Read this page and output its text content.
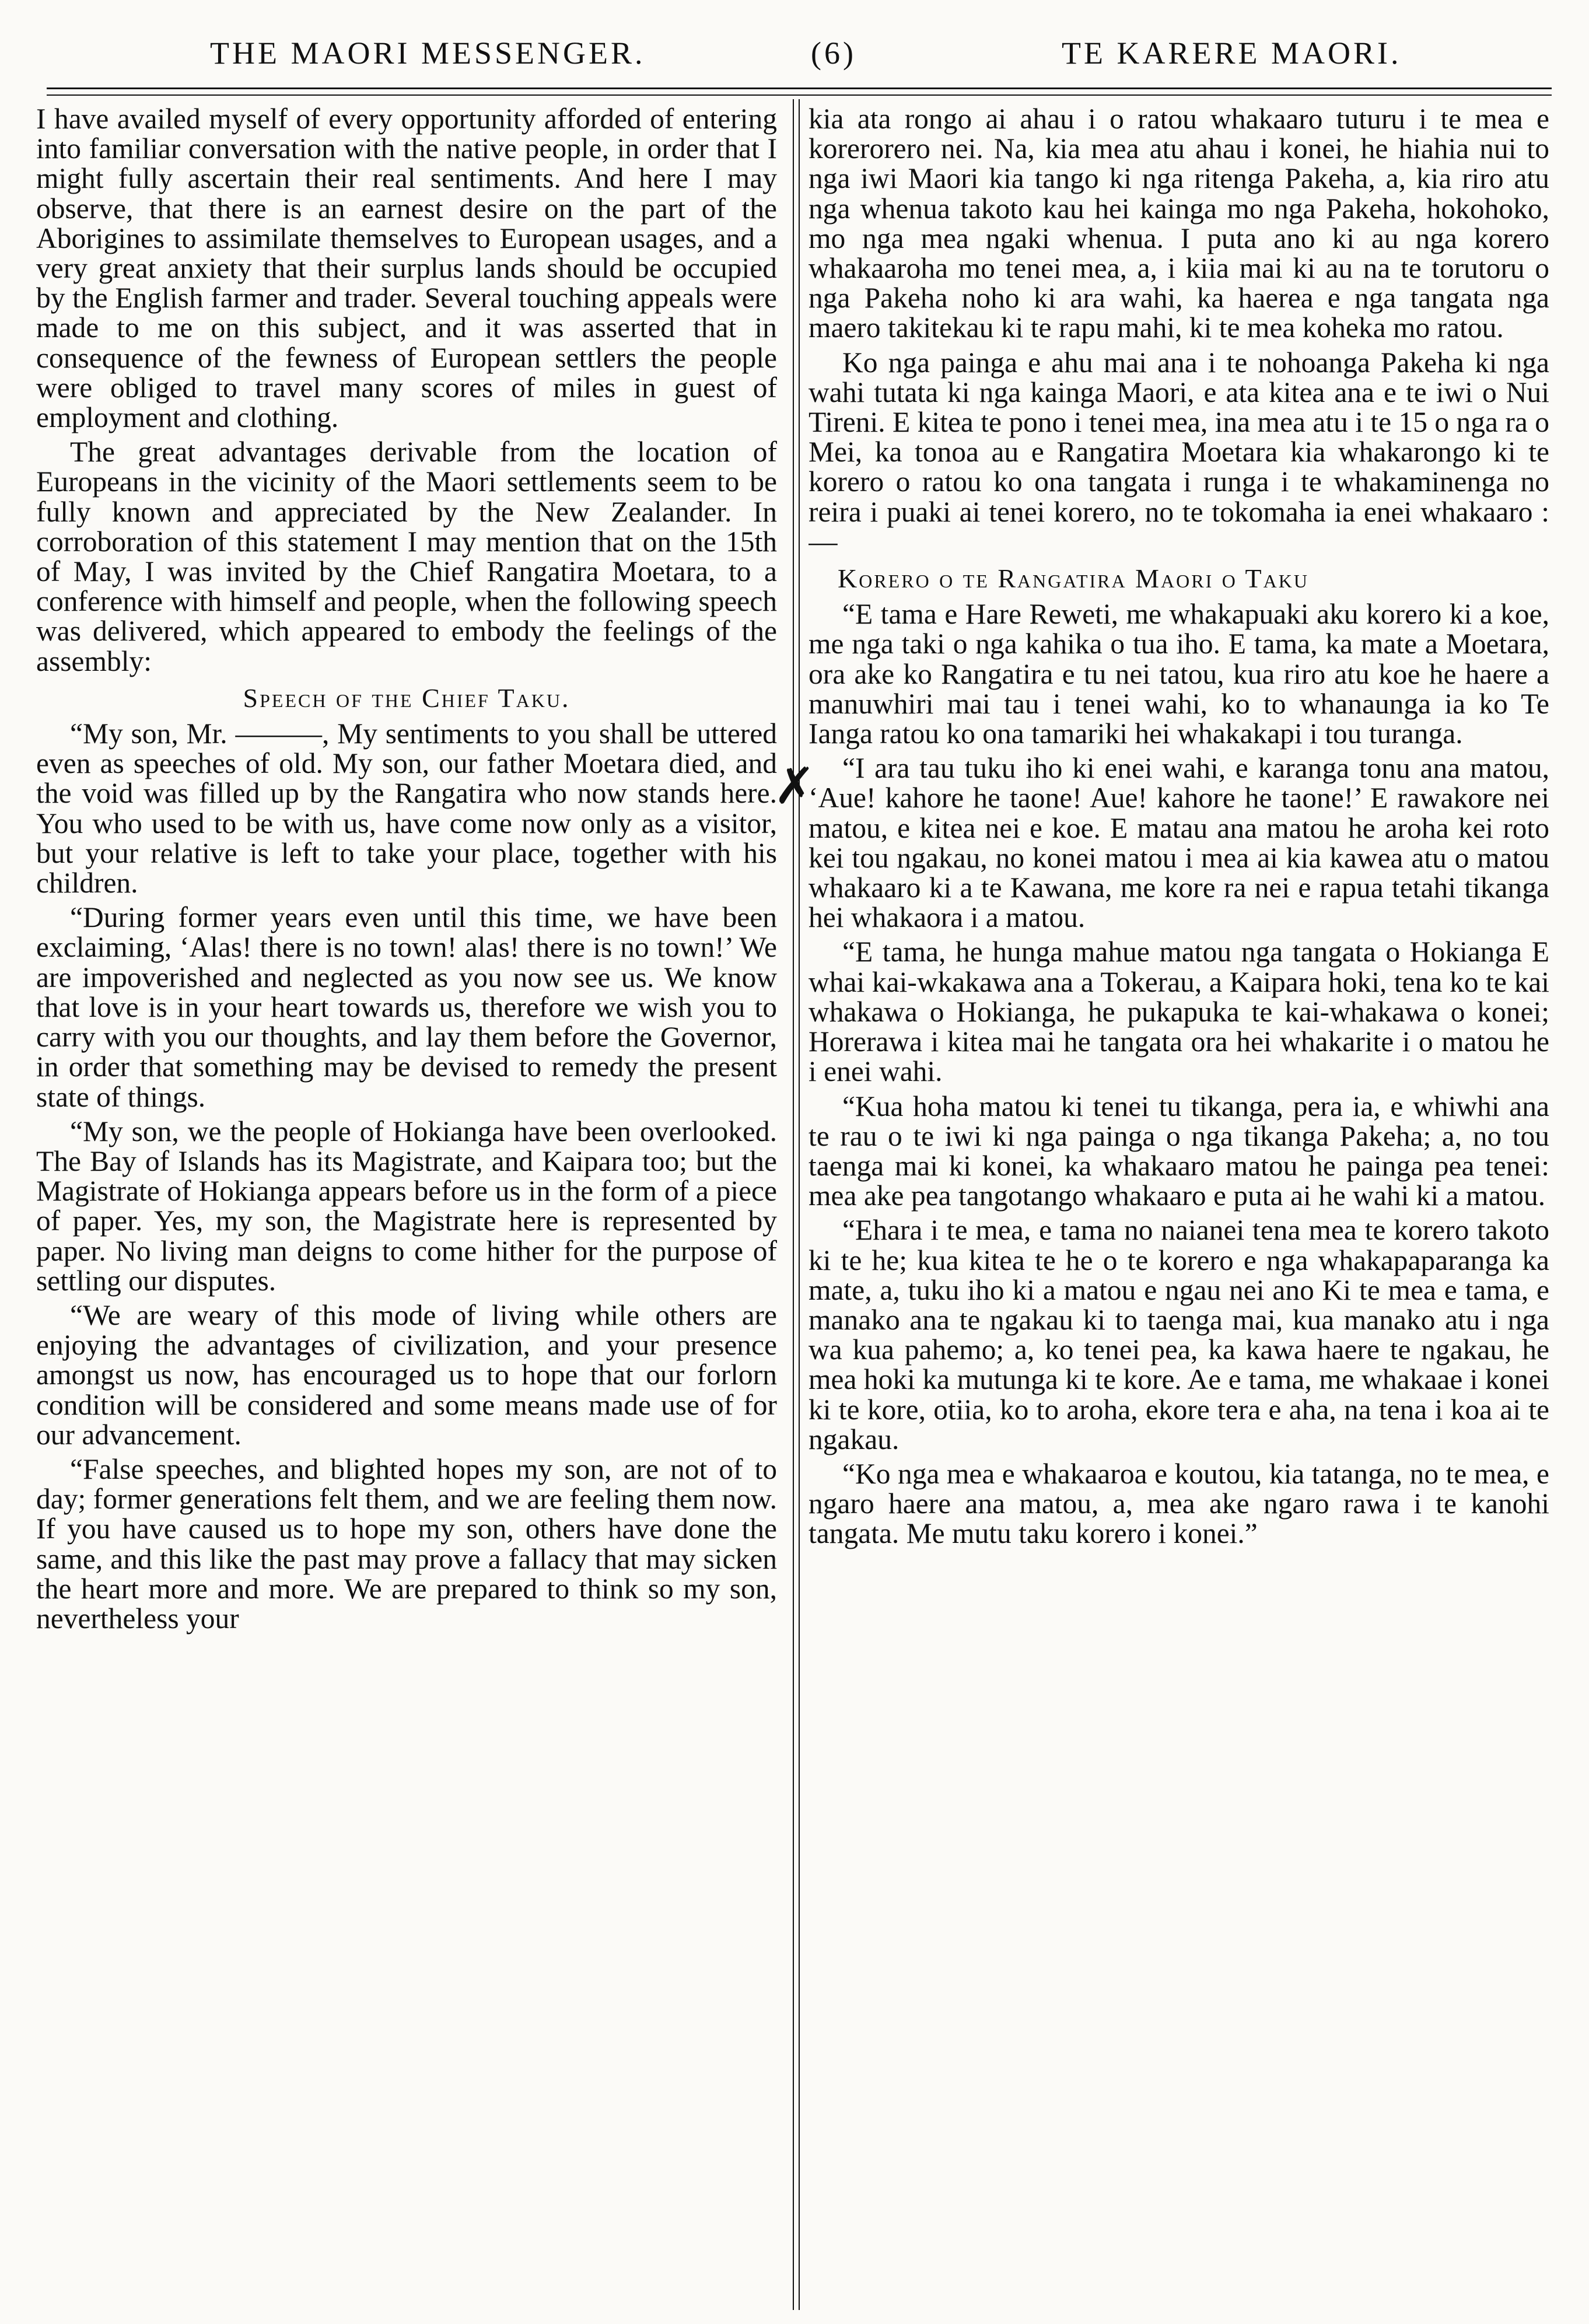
THE MAORI MESSENGER.	(6)	TE KARERE MAORI.

I have availed myself of every opportunity afforded of entering into familiar conversation with the native people, in order that I might fully ascertain their real sentiments. And here I may observe, that there is an earnest desire on the part of the Aborigines to assimilate themselves to European usages, and a very great anxiety that their surplus lands should be occupied by the English farmer and trader. Several touching appeals were made to me on this subject, and it was asserted that in consequence of the fewness of European settlers the people were obliged to travel many scores of miles in guest of employment and clothing.

The great advantages derivable from the location of Europeans in the vicinity of the Maori settlements seem to be fully known and appreciated by the New Zealander. In corroboration of this statement I may mention that on the 15th of May, I was invited by the Chief Rangatira Moetara, to a conference with himself and people, when the following speech was delivered, which appeared to embody the feelings of the assembly:

Speech of the Chief Taku.

“My son, Mr. ———, My sentiments to you shall be uttered even as speeches of old. My son, our father Moetara died, and the void was filled up by the Rangatira who now stands here. You who used to be with us, have come now only as a visitor, but your relative is left to take your place, together with his children.

“During former years even until this time, we have been exclaiming, ‘Alas! there is no town! alas! there is no town!’ We are impoverished and neglected as you now see us. We know that love is in your heart towards us, therefore we wish you to carry with you our thoughts, and lay them before the Governor, in order that something may be devised to remedy the present state of things.

“My son, we the people of Hokianga have been overlooked. The Bay of Islands has its Magistrate, and Kaipara too; but the Magistrate of Hokianga appears before us in the form of a piece of paper. Yes, my son, the Magistrate here is represented by paper. No living man deigns to come hither for the purpose of settling our disputes.

“We are weary of this mode of living while others are enjoying the advantages of civilization, and your presence amongst us now, has encouraged us to hope that our forlorn condition will be considered and some means made use of for our advancement.

“False speeches, and blighted hopes my son, are not of to day; former generations felt them, and we are feeling them now. If you have caused us to hope my son, others have done the same, and this like the past may prove a fallacy that may sicken the heart more and more. We are prepared to think so my son, nevertheless your

✗

kia ata rongo ai ahau i o ratou whakaaro tuturu i te mea e korerorero nei. Na, kia mea atu ahau i konei, he hiahia nui to nga iwi Maori kia tango ki nga ritenga Pakeha, a, kia riro atu nga whenua takoto kau hei kainga mo nga Pakeha, hokohoko, mo nga mea ngaki whenua. I puta ano ki au nga korero whakaaroha mo tenei mea, a, i kiia mai ki au na te torutoru o nga Pakeha noho ki ara wahi, ka haerea e nga tangata nga maero takitekau ki te rapu mahi, ki te mea koheka mo ratou.

Ko nga painga e ahu mai ana i te nohoanga Pakeha ki nga wahi tutata ki nga kainga Maori, e ata kitea ana e te iwi o Nui Tireni. E kitea te pono i tenei mea, ina mea atu i te 15 o nga ra o Mei, ka tonoa au e Rangatira Moetara kia whakarongo ki te korero o ratou ko ona tangata i runga i te whakaminenga no reira i puaki ai tenei korero, no te tokomaha ia enei whakaaro :—

Korero o te Rangatira Maori o Taku

“E tama e Hare Reweti, me whakapuaki aku korero ki a koe, me nga taki o nga kahika o tua iho. E tama, ka mate a Moetara, ora ake ko Rangatira e tu nei tatou, kua riro atu koe he haere a manuwhiri mai tau i tenei wahi, ko to whanaunga ia ko Te Ianga ratou ko ona tamariki hei whakakapi i tou turanga.

“I ara tau tuku iho ki enei wahi, e karanga tonu ana matou, ‘Aue! kahore he taone! Aue! kahore he taone!’ E rawakore nei matou, e kitea nei e koe. E matau ana matou he aroha kei roto kei tou ngakau, no konei matou i mea ai kia kawea atu o matou whakaaro ki a te Kawana, me kore ra nei e rapua tetahi tikanga hei whakaora i a matou.

“E tama, he hunga mahue matou nga tangata o Hokianga E whai kai-wkakawa ana a Tokerau, a Kaipara hoki, tena ko te kai whakawa o Hokianga, he pukapuka te kai-whakawa o konei; Horerawa i kitea mai he tangata ora hei whakarite i o matou he i enei wahi.

“Kua hoha matou ki tenei tu tikanga, pera ia, e whiwhi ana te rau o te iwi ki nga painga o nga tikanga Pakeha; a, no tou taenga mai ki konei, ka whakaaro matou he painga pea tenei: mea ake pea tangotango whakaaro e puta ai he wahi ki a matou.

“Ehara i te mea, e tama no naianei tena mea te korero takoto ki te he; kua kitea te he o te korero e nga whakapaparanga ka mate, a, tuku iho ki a matou e ngau nei ano Ki te mea e tama, e manako ana te ngakau ki to taenga mai, kua manako atu i nga wa kua pahemo; a, ko tenei pea, ka kawa haere te ngakau, he mea hoki ka mutunga ki te kore. Ae e tama, me whakaae i konei ki te kore, otiia, ko to aroha, ekore tera e aha, na tena i koa ai te ngakau.

“Ko nga mea e whakaaroa e koutou, kia tatanga, no te mea, e ngaro haere ana matou, a, mea ake ngaro rawa i te kanohi tangata. Me mutu taku korero i konei.”
